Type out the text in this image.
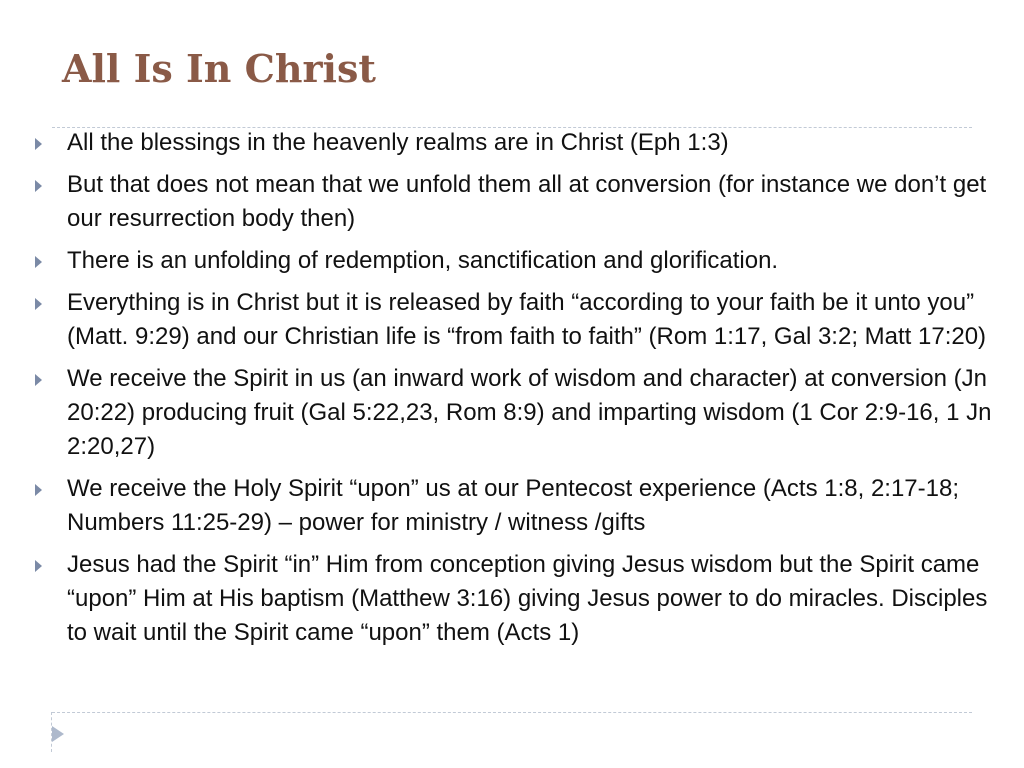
All Is In Christ
All the blessings in the heavenly realms are in Christ (Eph 1:3)
But that does not mean that we unfold them all at conversion (for instance we don’t get our resurrection body then)
There is an unfolding of redemption, sanctification and glorification.
Everything is in Christ but it is released by faith “according to your faith be it unto you” (Matt. 9:29) and our Christian life is “from faith to faith” (Rom 1:17, Gal 3:2; Matt 17:20)
We receive the Spirit in us (an inward work of wisdom and character) at conversion (Jn 20:22) producing fruit (Gal 5:22,23, Rom 8:9) and imparting wisdom (1 Cor 2:9-16, 1 Jn 2:20,27)
We receive the Holy Spirit “upon” us at our Pentecost experience (Acts 1:8, 2:17-18; Numbers 11:25-29) – power for ministry / witness /gifts
Jesus had the Spirit “in” Him from conception giving Jesus wisdom but the Spirit came “upon” Him at His baptism (Matthew 3:16) giving Jesus power to do miracles. Disciples to wait until the Spirit came “upon” them (Acts 1)
